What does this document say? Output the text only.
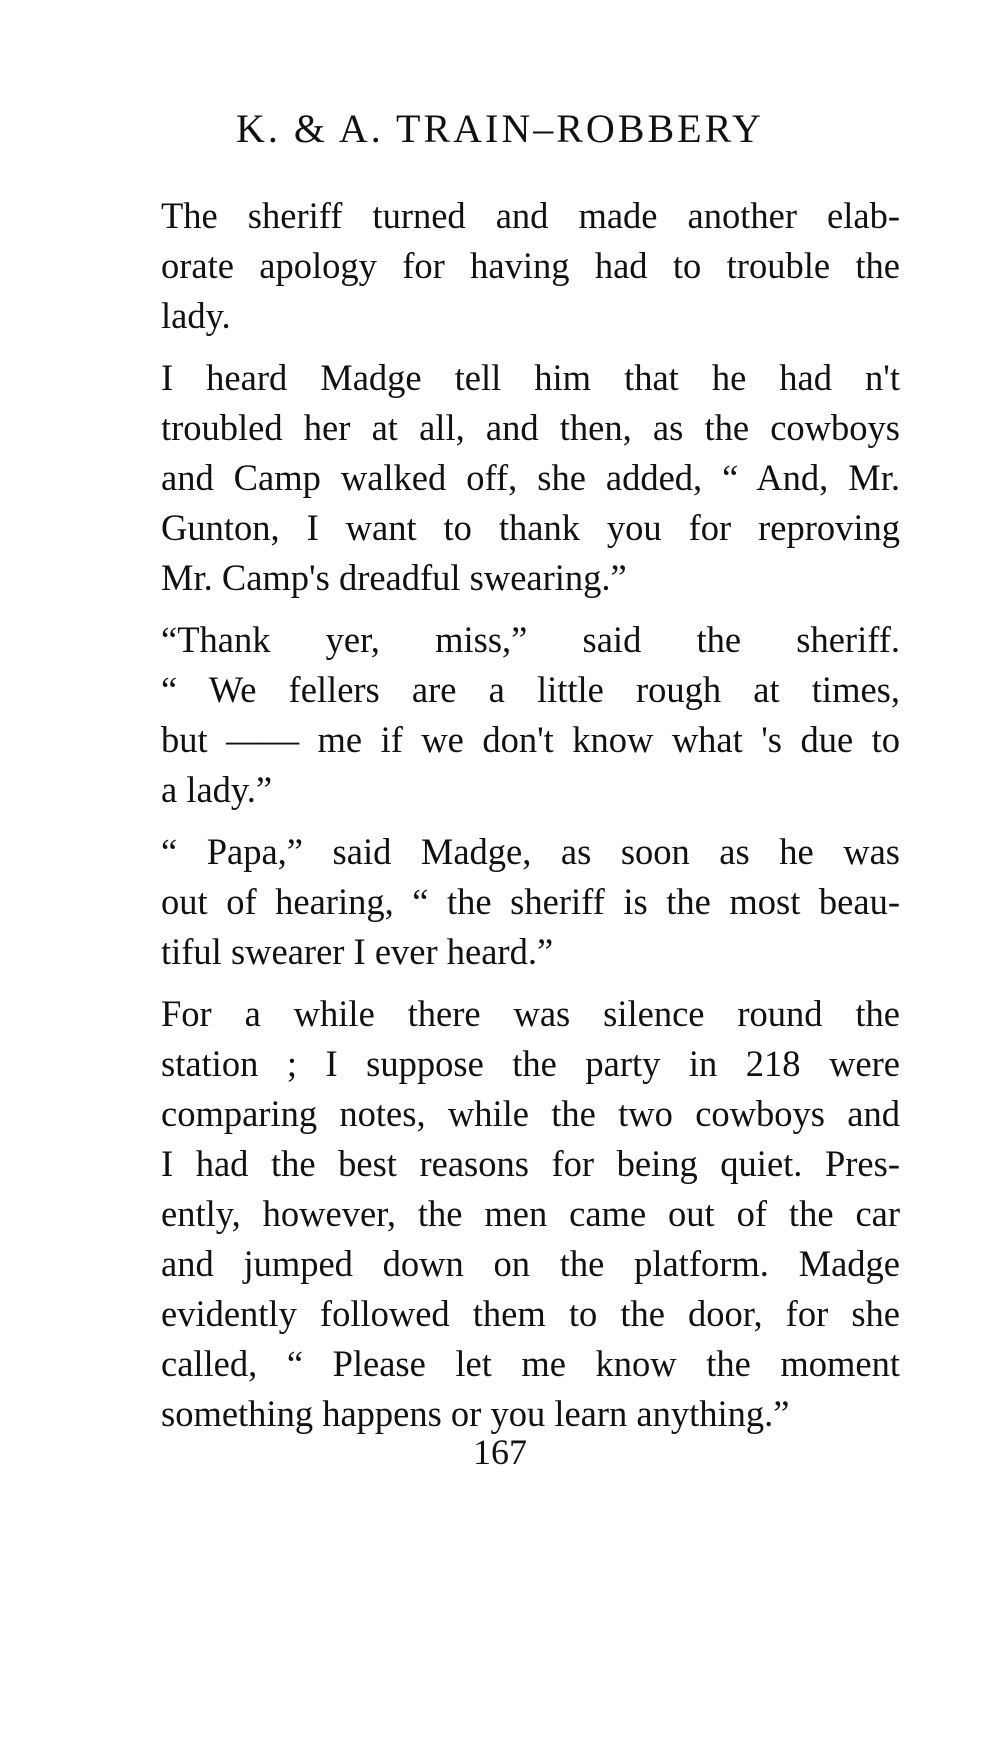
K. & A. TRAIN–ROBBERY

The sheriff turned and made another elab-
orate apology for having had to trouble the
lady.

I heard Madge tell him that he had n't
troubled her at all, and then, as the cowboys
and Camp walked off, she added, “ And, Mr.
Gunton, I want to thank you for reproving
Mr. Camp's dreadful swearing.”

“Thank yer, miss,” said the sheriff.
“ We fellers are a little rough at times,
but —— me if we don't know what 's due to
a lady.”

“ Papa,” said Madge, as soon as he was
out of hearing, “ the sheriff is the most beau-
tiful swearer I ever heard.”

For a while there was silence round the
station ; I suppose the party in 218 were
comparing notes, while the two cowboys and
I had the best reasons for being quiet. Pres-
ently, however, the men came out of the car
and jumped down on the platform. Madge
evidently followed them to the door, for she
called, “ Please let me know the moment
something happens or you learn anything.”

167
